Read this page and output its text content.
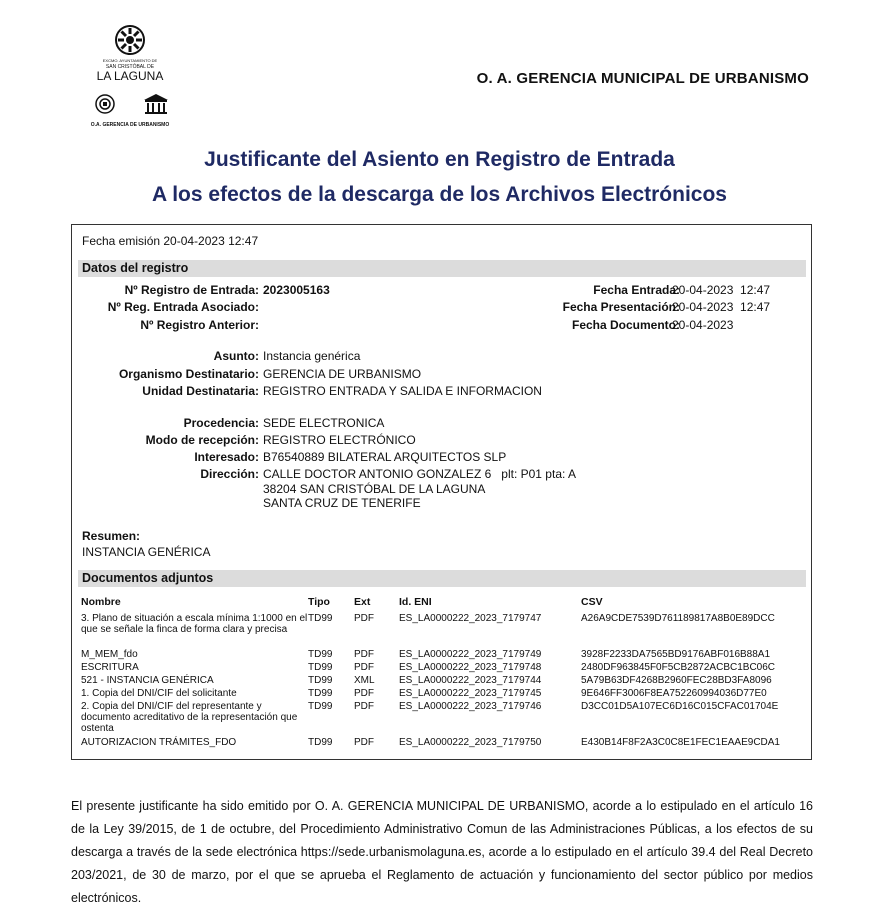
EXCMO. AYUNTAMIENTO DE
SAN CRISTÓBAL DE
LA LAGUNA
O.A. GERENCIA DE URBANISMO
O. A. GERENCIA MUNICIPAL DE URBANISMO
Justificante del Asiento en Registro de Entrada
A los efectos de la descarga de los Archivos Electrónicos
Fecha emisión 20-04-2023 12:47
Datos del registro
Nº Registro de Entrada: 2023005163
Nº Reg. Entrada Asociado:
Nº Registro Anterior:
Asunto: Instancia genérica
Organismo Destinatario: GERENCIA DE URBANISMO
Unidad Destinataria: REGISTRO ENTRADA Y SALIDA E INFORMACION
Procedencia: SEDE ELECTRONICA
Modo de recepción: REGISTRO ELECTRÓNICO
Interesado: B76540889 BILATERAL ARQUITECTOS SLP
Dirección: CALLE DOCTOR ANTONIO GONZALEZ 6   plt: P01 pta: A
38204 SAN CRISTÓBAL DE LA LAGUNA
SANTA CRUZ DE TENERIFE
Fecha Entrada:
20-04-2023  12:47
Fecha Presentación:
20-04-2023  12:47
Fecha Documento:
20-04-2023
Resumen:
INSTANCIA GENÉRICA
Documentos adjuntos
Nombre	Tipo Ext	Id. ENI	CSV
3. Plano de situación a escala mínima 1:1000 en el que se señale la finca de forma clara y precisa
TD99 PDF	ES_LA0000222_2023_7179747	A26A9CDE7539D761189817A8B0E89DCC
M_MEM_fdo	TD99 PDF	ES_LA0000222_2023_7179749	3928F2233DA7565BD9176ABF016B88A1
ESCRITURA	TD99 PDF	ES_LA0000222_2023_7179748	2480DF963845F0F5CB2872ACBC1BC06C
521 - INSTANCIA GENÉRICA	TD99 XML ES_LA0000222_2023_7179744	5A79B63DF4268B2960FEC28BD3FA8096
1. Copia del DNI/CIF del solicitante	TD99 PDF	ES_LA0000222_2023_7179745	9E646FF3006F8EA752260994036D77E0
2. Copia del DNI/CIF del representante y documento acreditativo de la representación que ostenta
TD99 PDF	ES_LA0000222_2023_7179746	D3CC01D5A107EC6D16C015CFAC01704E
AUTORIZACION TRÁMITES_FDO	TD99 PDF	ES_LA0000222_2023_7179750	E430B14F8F2A3C0C8E1FEC1EAAE9CDA1
El presente justificante ha sido emitido por O. A. GERENCIA MUNICIPAL DE URBANISMO, acorde a lo estipulado en el artículo 16 de la Ley 39/2015, de 1 de octubre, del Procedimiento Administrativo Comun de las Administraciones Públicas, a los efectos de su descarga a través de la sede electrónica https://sede.urbanismolaguna.es, acorde a lo estipulado en el artículo 39.4 del Real Decreto 203/2021, de 30 de marzo, por el que se aprueba el Reglamento de actuación y funcionamiento del sector público por medios electrónicos.
